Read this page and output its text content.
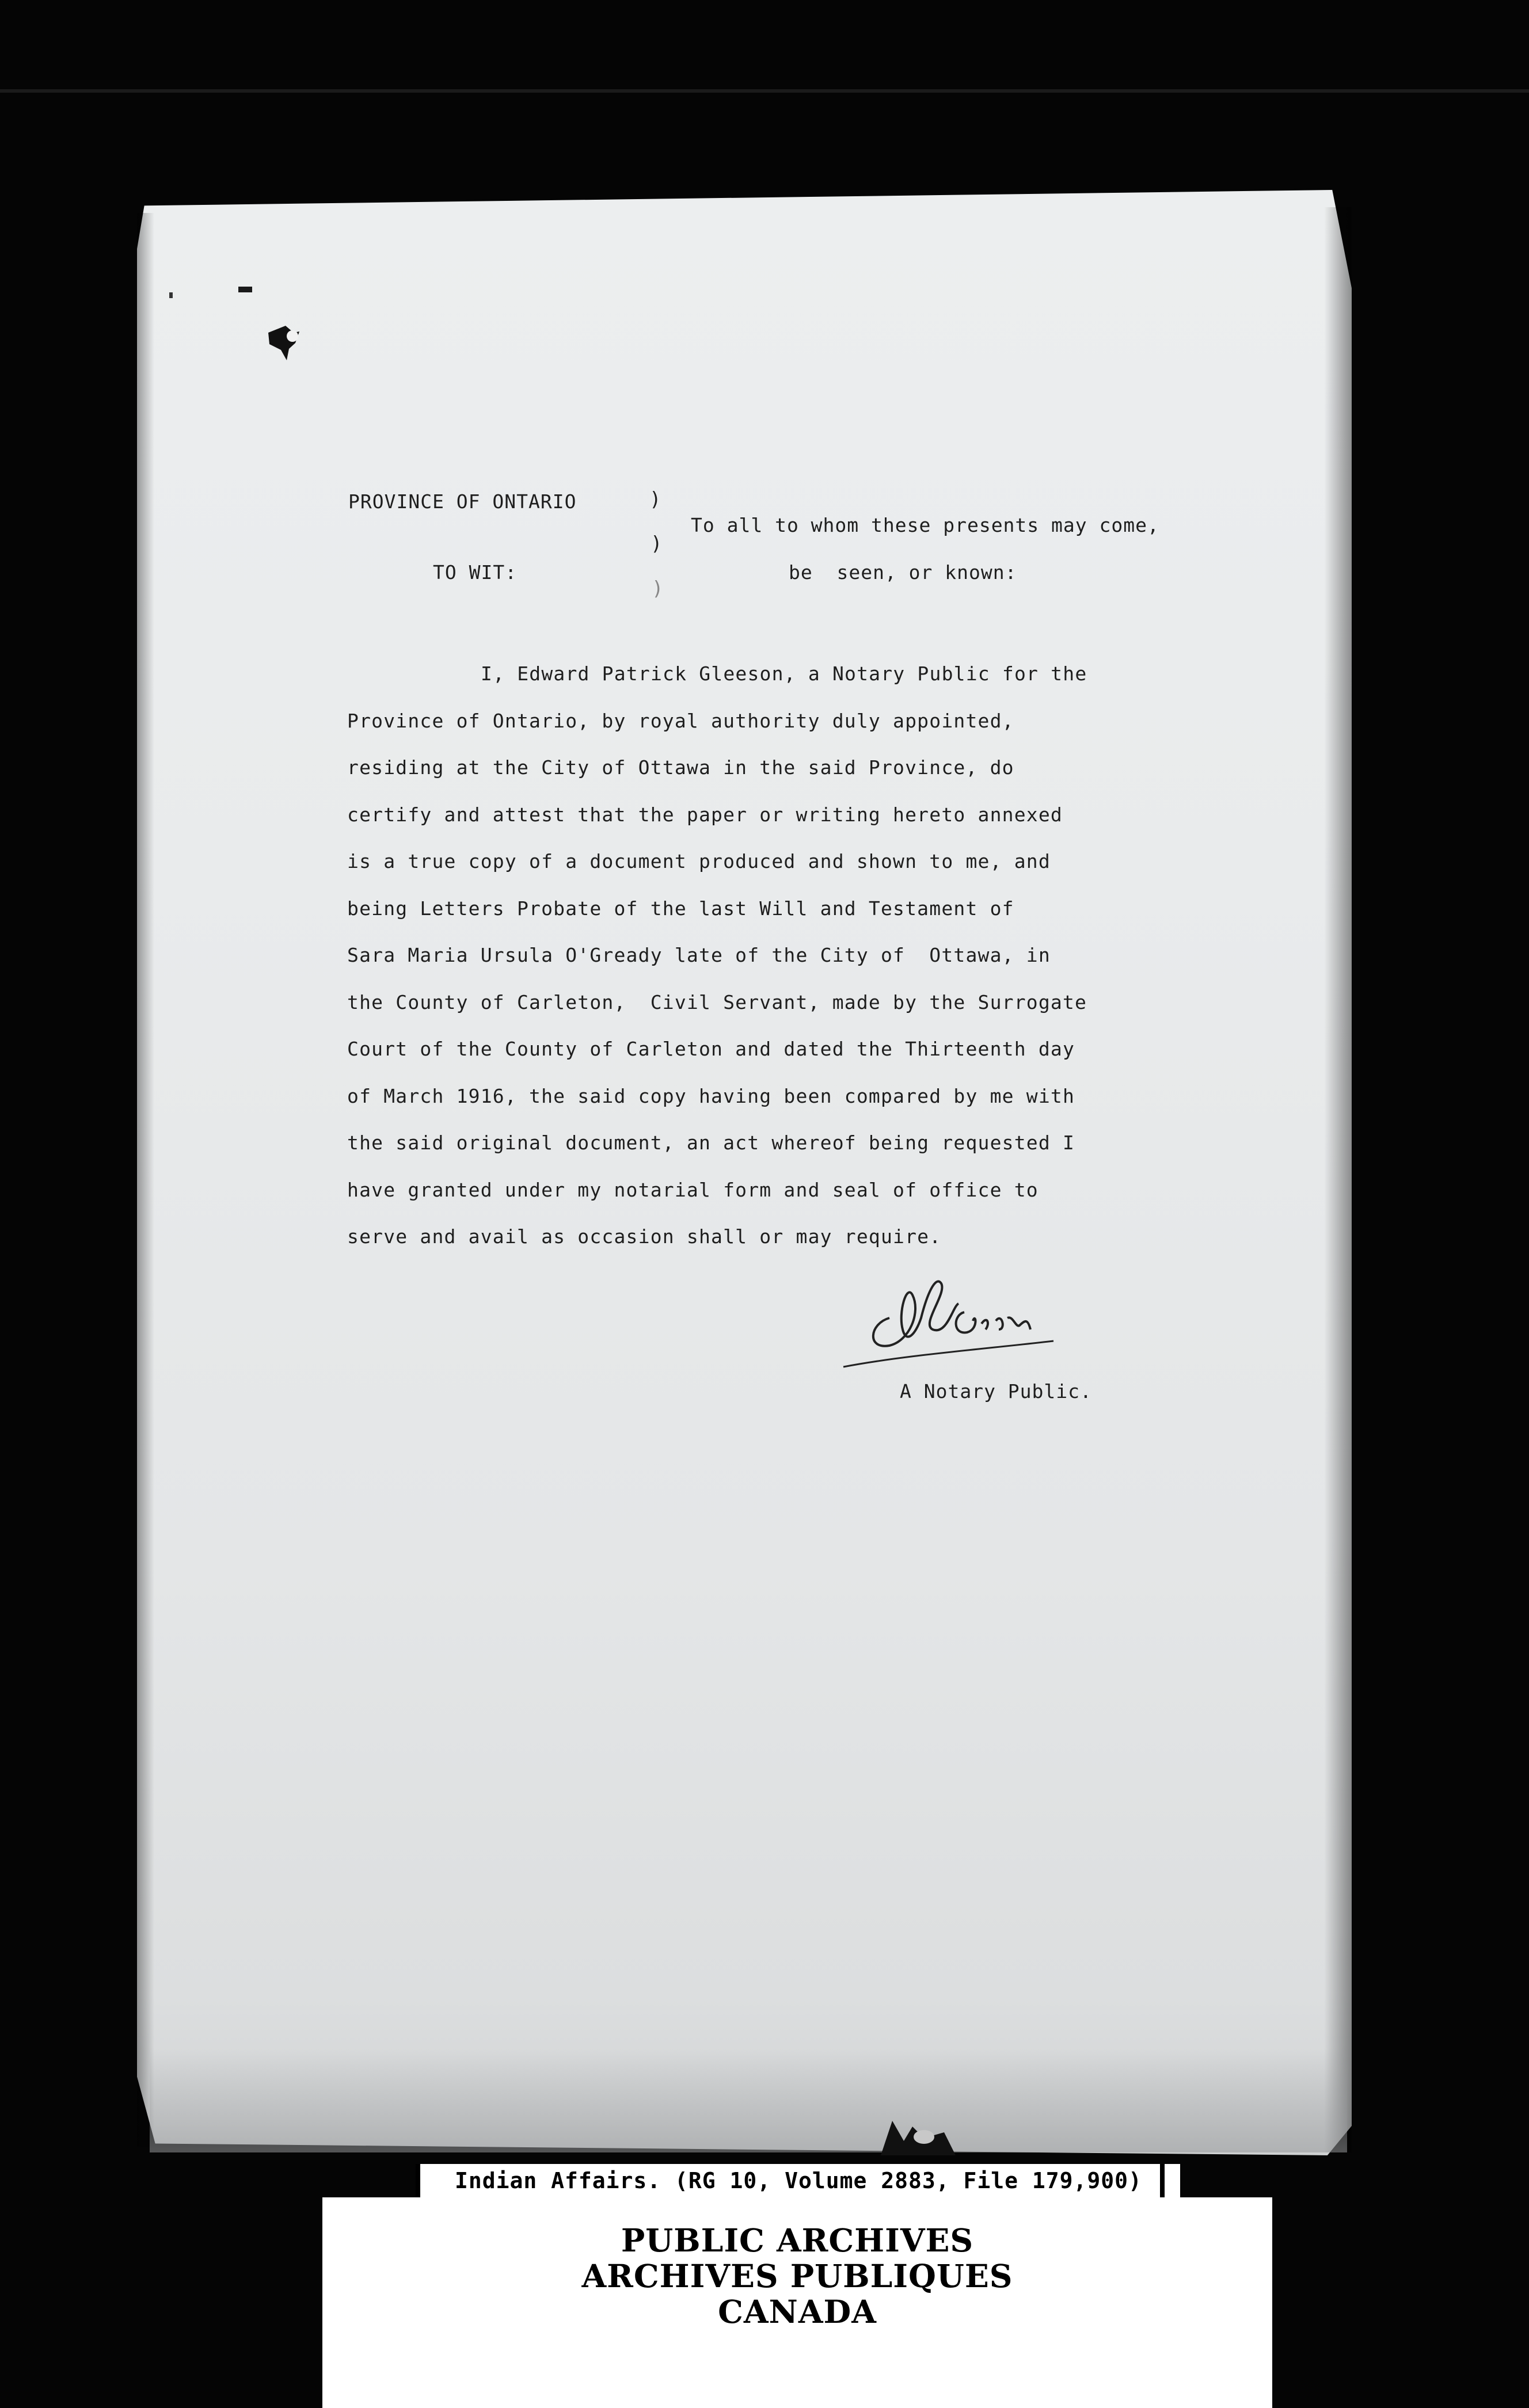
PROVINCE OF ONTARIO
TO WIT:
)
)
)
To all to whom these presents may come,
be  seen, or known:
I, Edward Patrick Gleeson, a Notary Public for the
Province of Ontario, by royal authority duly appointed,
residing at the City of Ottawa in the said Province, do
certify and attest that the paper or writing hereto annexed
is a true copy of a document produced and shown to me, and
being Letters Probate of the last Will and Testament of
Sara Maria Ursula O'Gready late of the City of  Ottawa, in
the County of Carleton,  Civil Servant, made by the Surrogate
Court of the County of Carleton and dated the Thirteenth day
of March 1916, the said copy having been compared by me with
the said original document, an act whereof being requested I
have granted under my notarial form and seal of office to
serve and avail as occasion shall or may require.
A Notary Public.
Indian Affairs. (RG 10, Volume 2883, File 179,900)
PUBLIC ARCHIVES
ARCHIVES PUBLIQUES
CANADA
